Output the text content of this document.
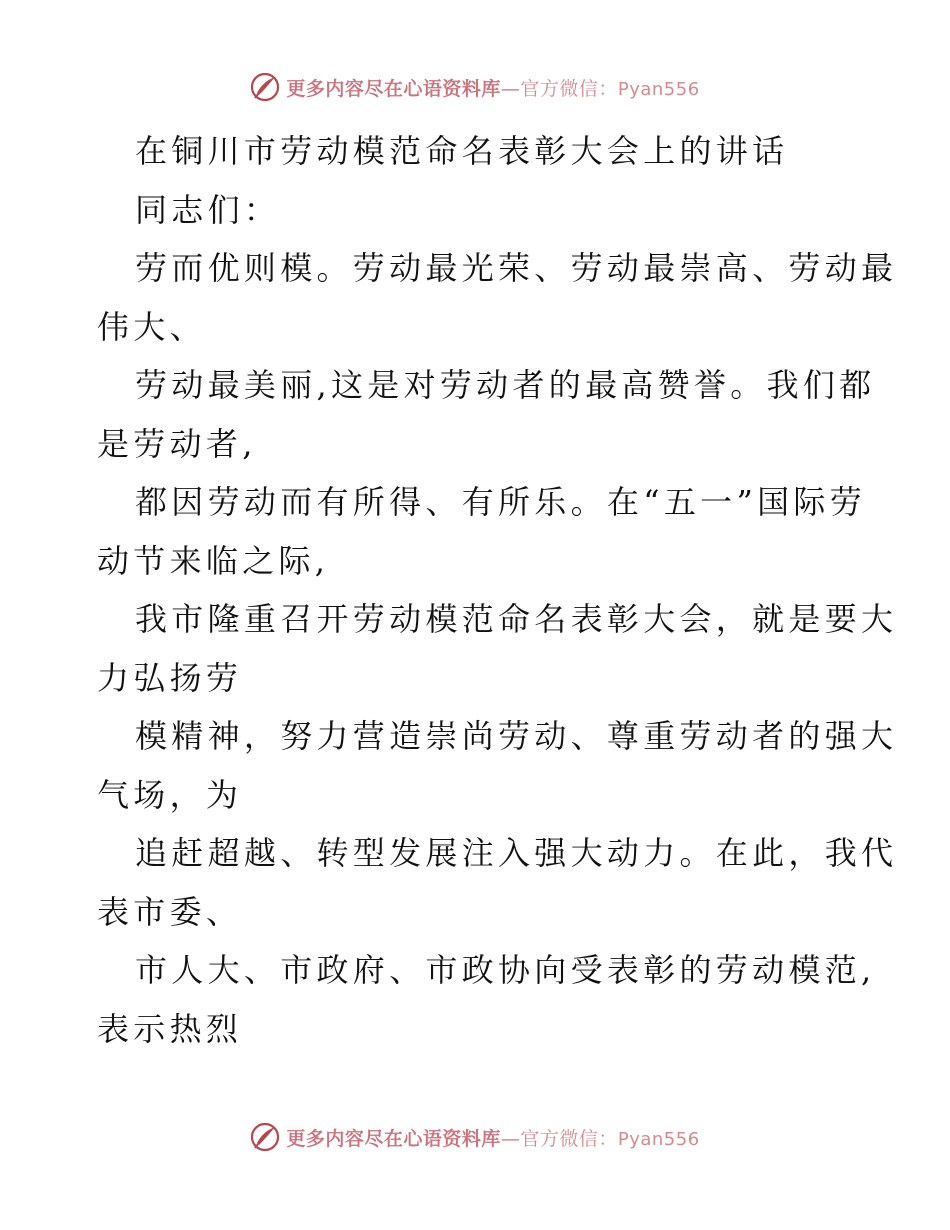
更多内容尽在心语资料库—官方微信：Pyan556
在铜川市劳动模范命名表彰大会上的讲话
同志们：
劳而优则模。劳动最光荣、劳动最崇高、劳动最
伟大、
劳动最美丽,这是对劳动者的最高赞誉。我们都
是劳动者,
都因劳动而有所得、有所乐。在“五一”国际劳
动节来临之际,
我市隆重召开劳动模范命名表彰大会，就是要大
力弘扬劳
模精神，努力营造崇尚劳动、尊重劳动者的强大
气场，为
追赶超越、转型发展注入强大动力。在此，我代
表市委、
市人大、市政府、市政协向受表彰的劳动模范,
表示热烈
更多内容尽在心语资料库—官方微信：Pyan556
